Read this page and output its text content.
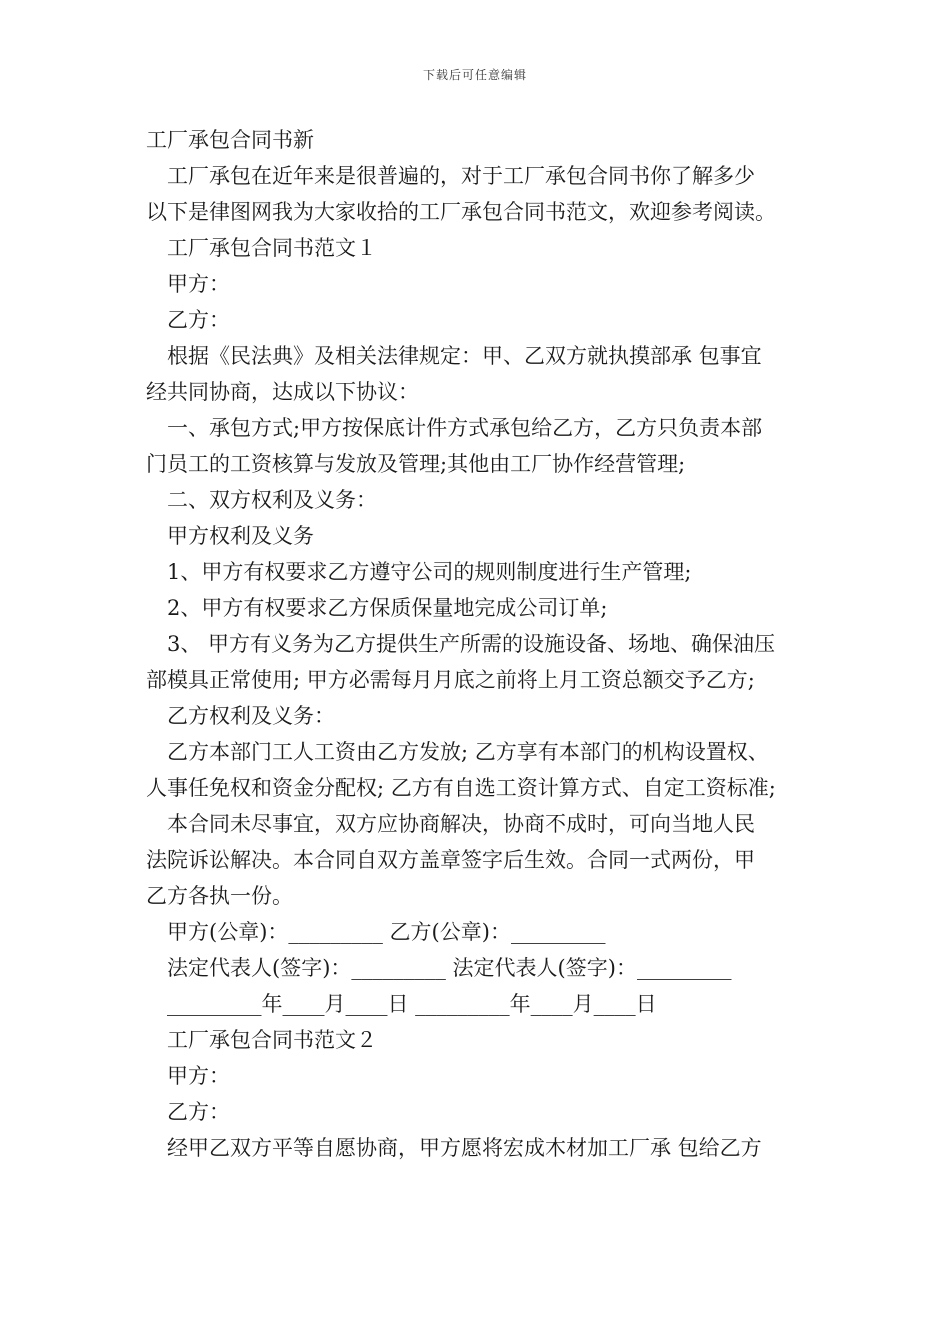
下载后可任意编辑
工厂承包合同书新
　工厂承包在近年来是很普遍的，对于工厂承包合同书你了解多少
以下是律图网我为大家收拾的工厂承包合同书范文，欢迎参考阅读。
　工厂承包合同书范文１
　甲方：
　乙方：
　根据《民法典》及相关法律规定：甲、乙双方就执摸部承 包事宜
经共同协商，达成以下协议：
　一、承包方式;甲方按保底计件方式承包给乙方，乙方只负责本部
门员工的工资核算与发放及管理;其他由工厂协作经营管理;
　二、双方权利及义务：
　甲方权利及义务
　1、甲方有权要求乙方遵守公司的规则制度进行生产管理;
　2、甲方有权要求乙方保质保量地完成公司订单;
　3、 甲方有义务为乙方提供生产所需的设施设备、场地、确保油压
部模具正常使用; 甲方必需每月月底之前将上月工资总额交予乙方;
　乙方权利及义务：
　乙方本部门工人工资由乙方发放; 乙方享有本部门的机构设置权、
人事任免权和资金分配权; 乙方有自选工资计算方式、自定工资标准;
　本合同未尽事宜，双方应协商解决，协商不成时，可向当地人民
法院诉讼解决。本合同自双方盖章签字后生效。合同一式两份，甲
乙方各执一份。
　甲方(公章)：_________ 乙方(公章)：_________
　法定代表人(签字)：_________ 法定代表人(签字)：_________
　_________年____月____日 _________年____月____日
　工厂承包合同书范文２
　甲方：
　乙方：
　经甲乙双方平等自愿协商，甲方愿将宏成木材加工厂承 包给乙方
